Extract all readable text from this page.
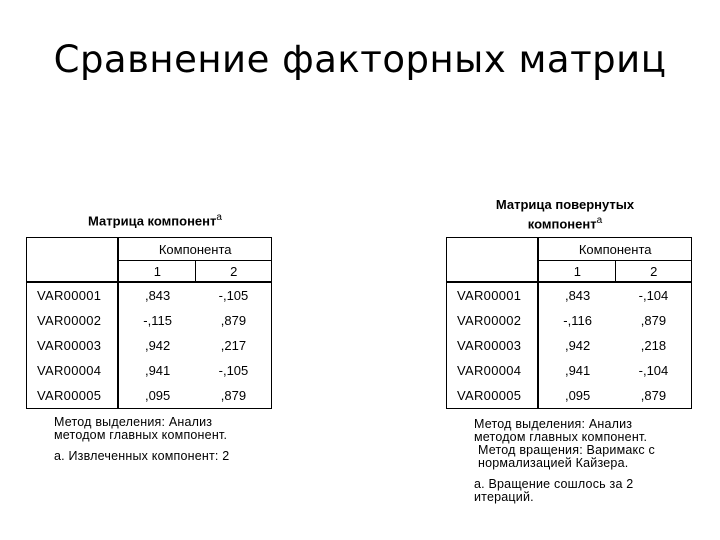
Сравнение факторных матриц
Матрица компонент$^a$
	Компонента	
	1	2
VAR00001	,843	-,105
VAR00002	-,115	,879
VAR00003	,942	,217
VAR00004	,941	-,105
VAR00005	,095	,879

Метод выделения: Анализ методом главных компонент.

a. Извлеченных компонент: 2

Матрица повернутых
компонент$^a$
	Компонента	
	1	2
VAR00001	,843	-,104
VAR00002	-,116	,879
VAR00003	,942	,218
VAR00004	,941	-,104
VAR00005	,095	,879

Метод выделения: Анализ методом главных компонент.

Метод вращения: Варимакс с нормализацией Кайзера.

a. Вращение сошлось за 2 итераций.
